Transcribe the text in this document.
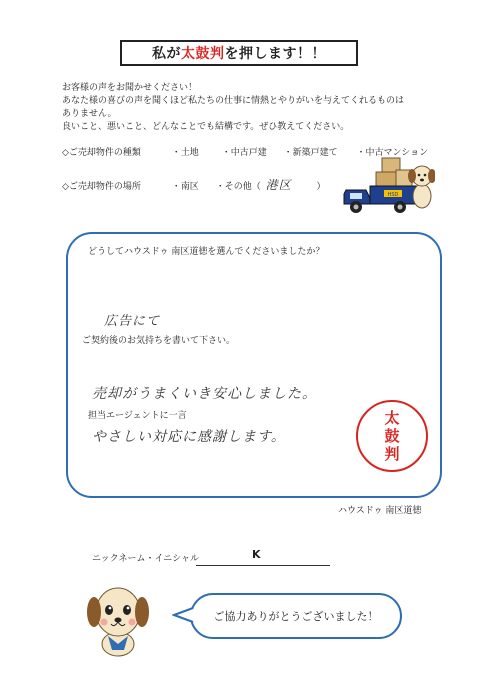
私が 太鼓判 を押します！！
お客様の声をお聞かせください！
あなた様の喜びの声を聞くほど私たちの仕事に情熱とやりがいを与えてくれるものは
ありません。
良いこと、悪いこと、どんなことでも結構です。ぜひ教えてください。
◇ご売却物件の種類	・土地	・中古戸建 ・新築戸建て ・中古マンション
◇ご売却物件の場所	・南区 ・その他（ 港区	）
HSD
どうしてハウスドゥ 南区道徳を選んでくださいましたか？
広告にて
ご契約後のお気持ちを書いて下さい。
売却がうまくいき安心しました。
担当エージェントに一言
やさしい対応に感謝します。
太
鼓
判
ハウスドゥ 南区道徳
ニックネーム・イニシャル	K
ご協力ありがとうございました！
